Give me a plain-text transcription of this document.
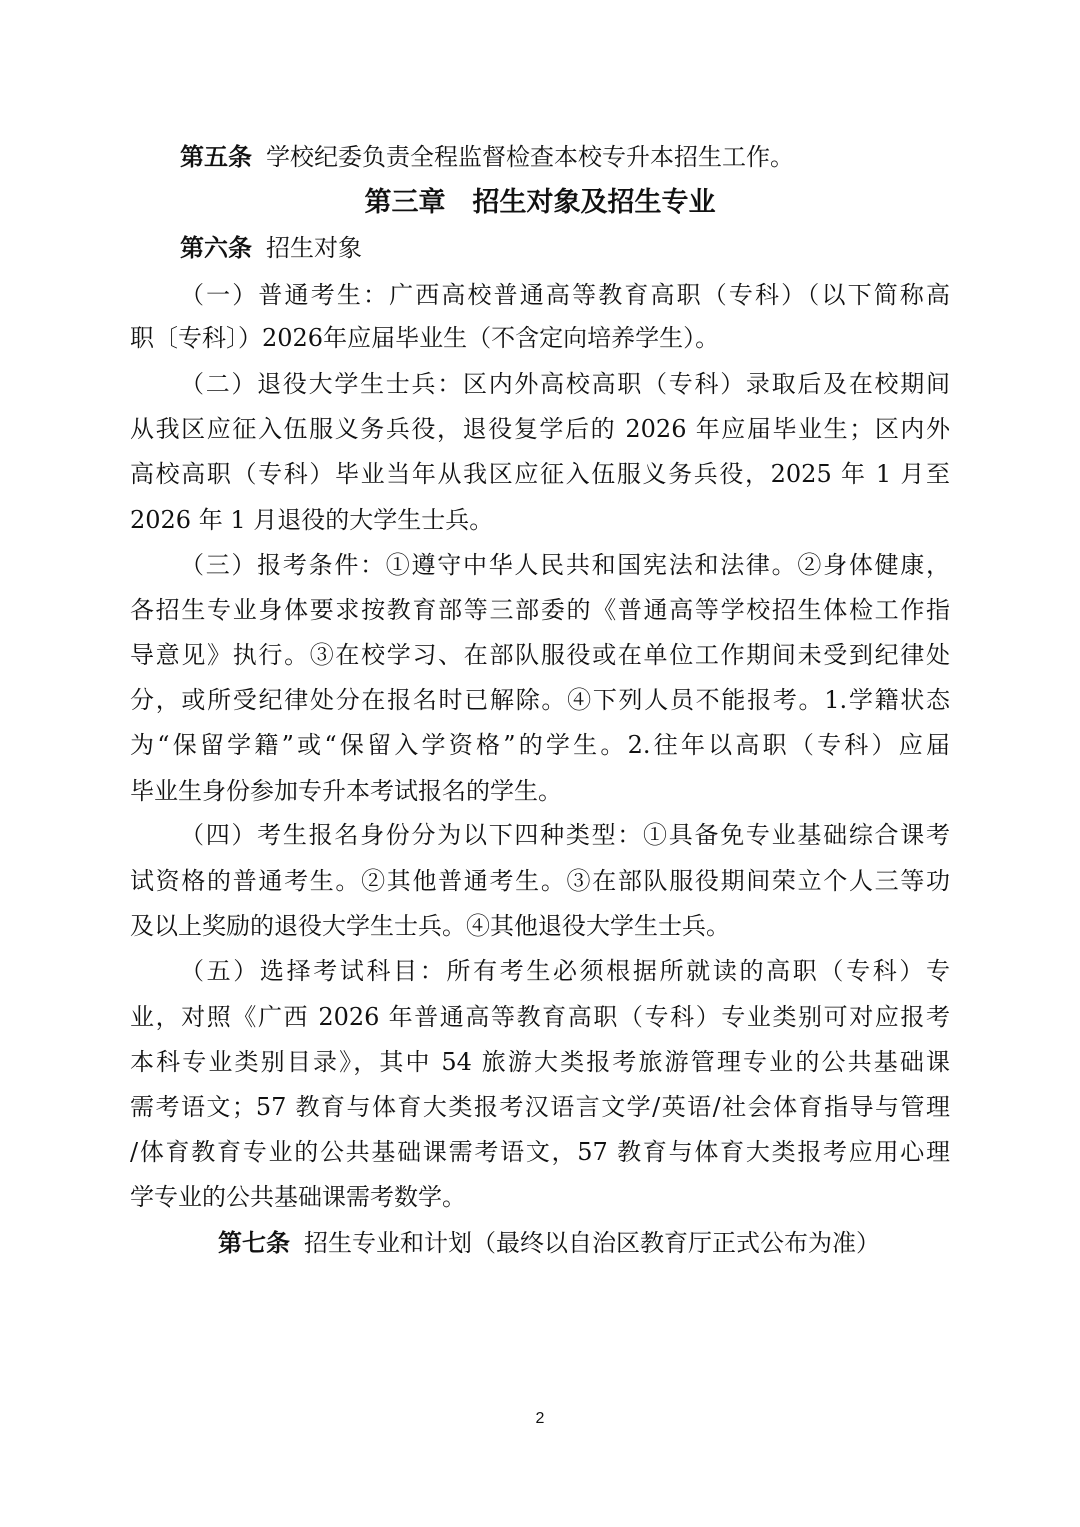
第五条 学校纪委负责全程监督检查本校专升本招生工作。
第三章　招生对象及招生专业
第六条 招生对象
（一）普通考生：广西高校普通高等教育高职（专科）（以下简称高
职〔专科〕）2026年应届毕业生（不含定向培养学生）。
（二）退役大学生士兵：区内外高校高职（专科）录取后及在校期间
从我区应征入伍服义务兵役，退役复学后的 2026 年应届毕业生；区内外
高校高职（专科）毕业当年从我区应征入伍服义务兵役，2025 年 1 月至
2026 年 1 月退役的大学生士兵。
（三）报考条件：①遵守中华人民共和国宪法和法律。②身体健康，
各招生专业身体要求按教育部等三部委的《普通高等学校招生体检工作指
导意见》执行。③在校学习、在部队服役或在单位工作期间未受到纪律处
分，或所受纪律处分在报名时已解除。④下列人员不能报考。1.学籍状态
为“保留学籍”或“保留入学资格”的学生。2.往年以高职（专科）应届
毕业生身份参加专升本考试报名的学生。
（四）考生报名身份分为以下四种类型：①具备免专业基础综合课考
试资格的普通考生。②其他普通考生。③在部队服役期间荣立个人三等功
及以上奖励的退役大学生士兵。④其他退役大学生士兵。
（五）选择考试科目：所有考生必须根据所就读的高职（专科）专
业，对照《广西 2026 年普通高等教育高职（专科）专业类别可对应报考
本科专业类别目录》，其中 54 旅游大类报考旅游管理专业的公共基础课
需考语文；57 教育与体育大类报考汉语言文学/英语/社会体育指导与管理
/体育教育专业的公共基础课需考语文，57 教育与体育大类报考应用心理
学专业的公共基础课需考数学。
第七条 招生专业和计划（最终以自治区教育厅正式公布为准）
2
